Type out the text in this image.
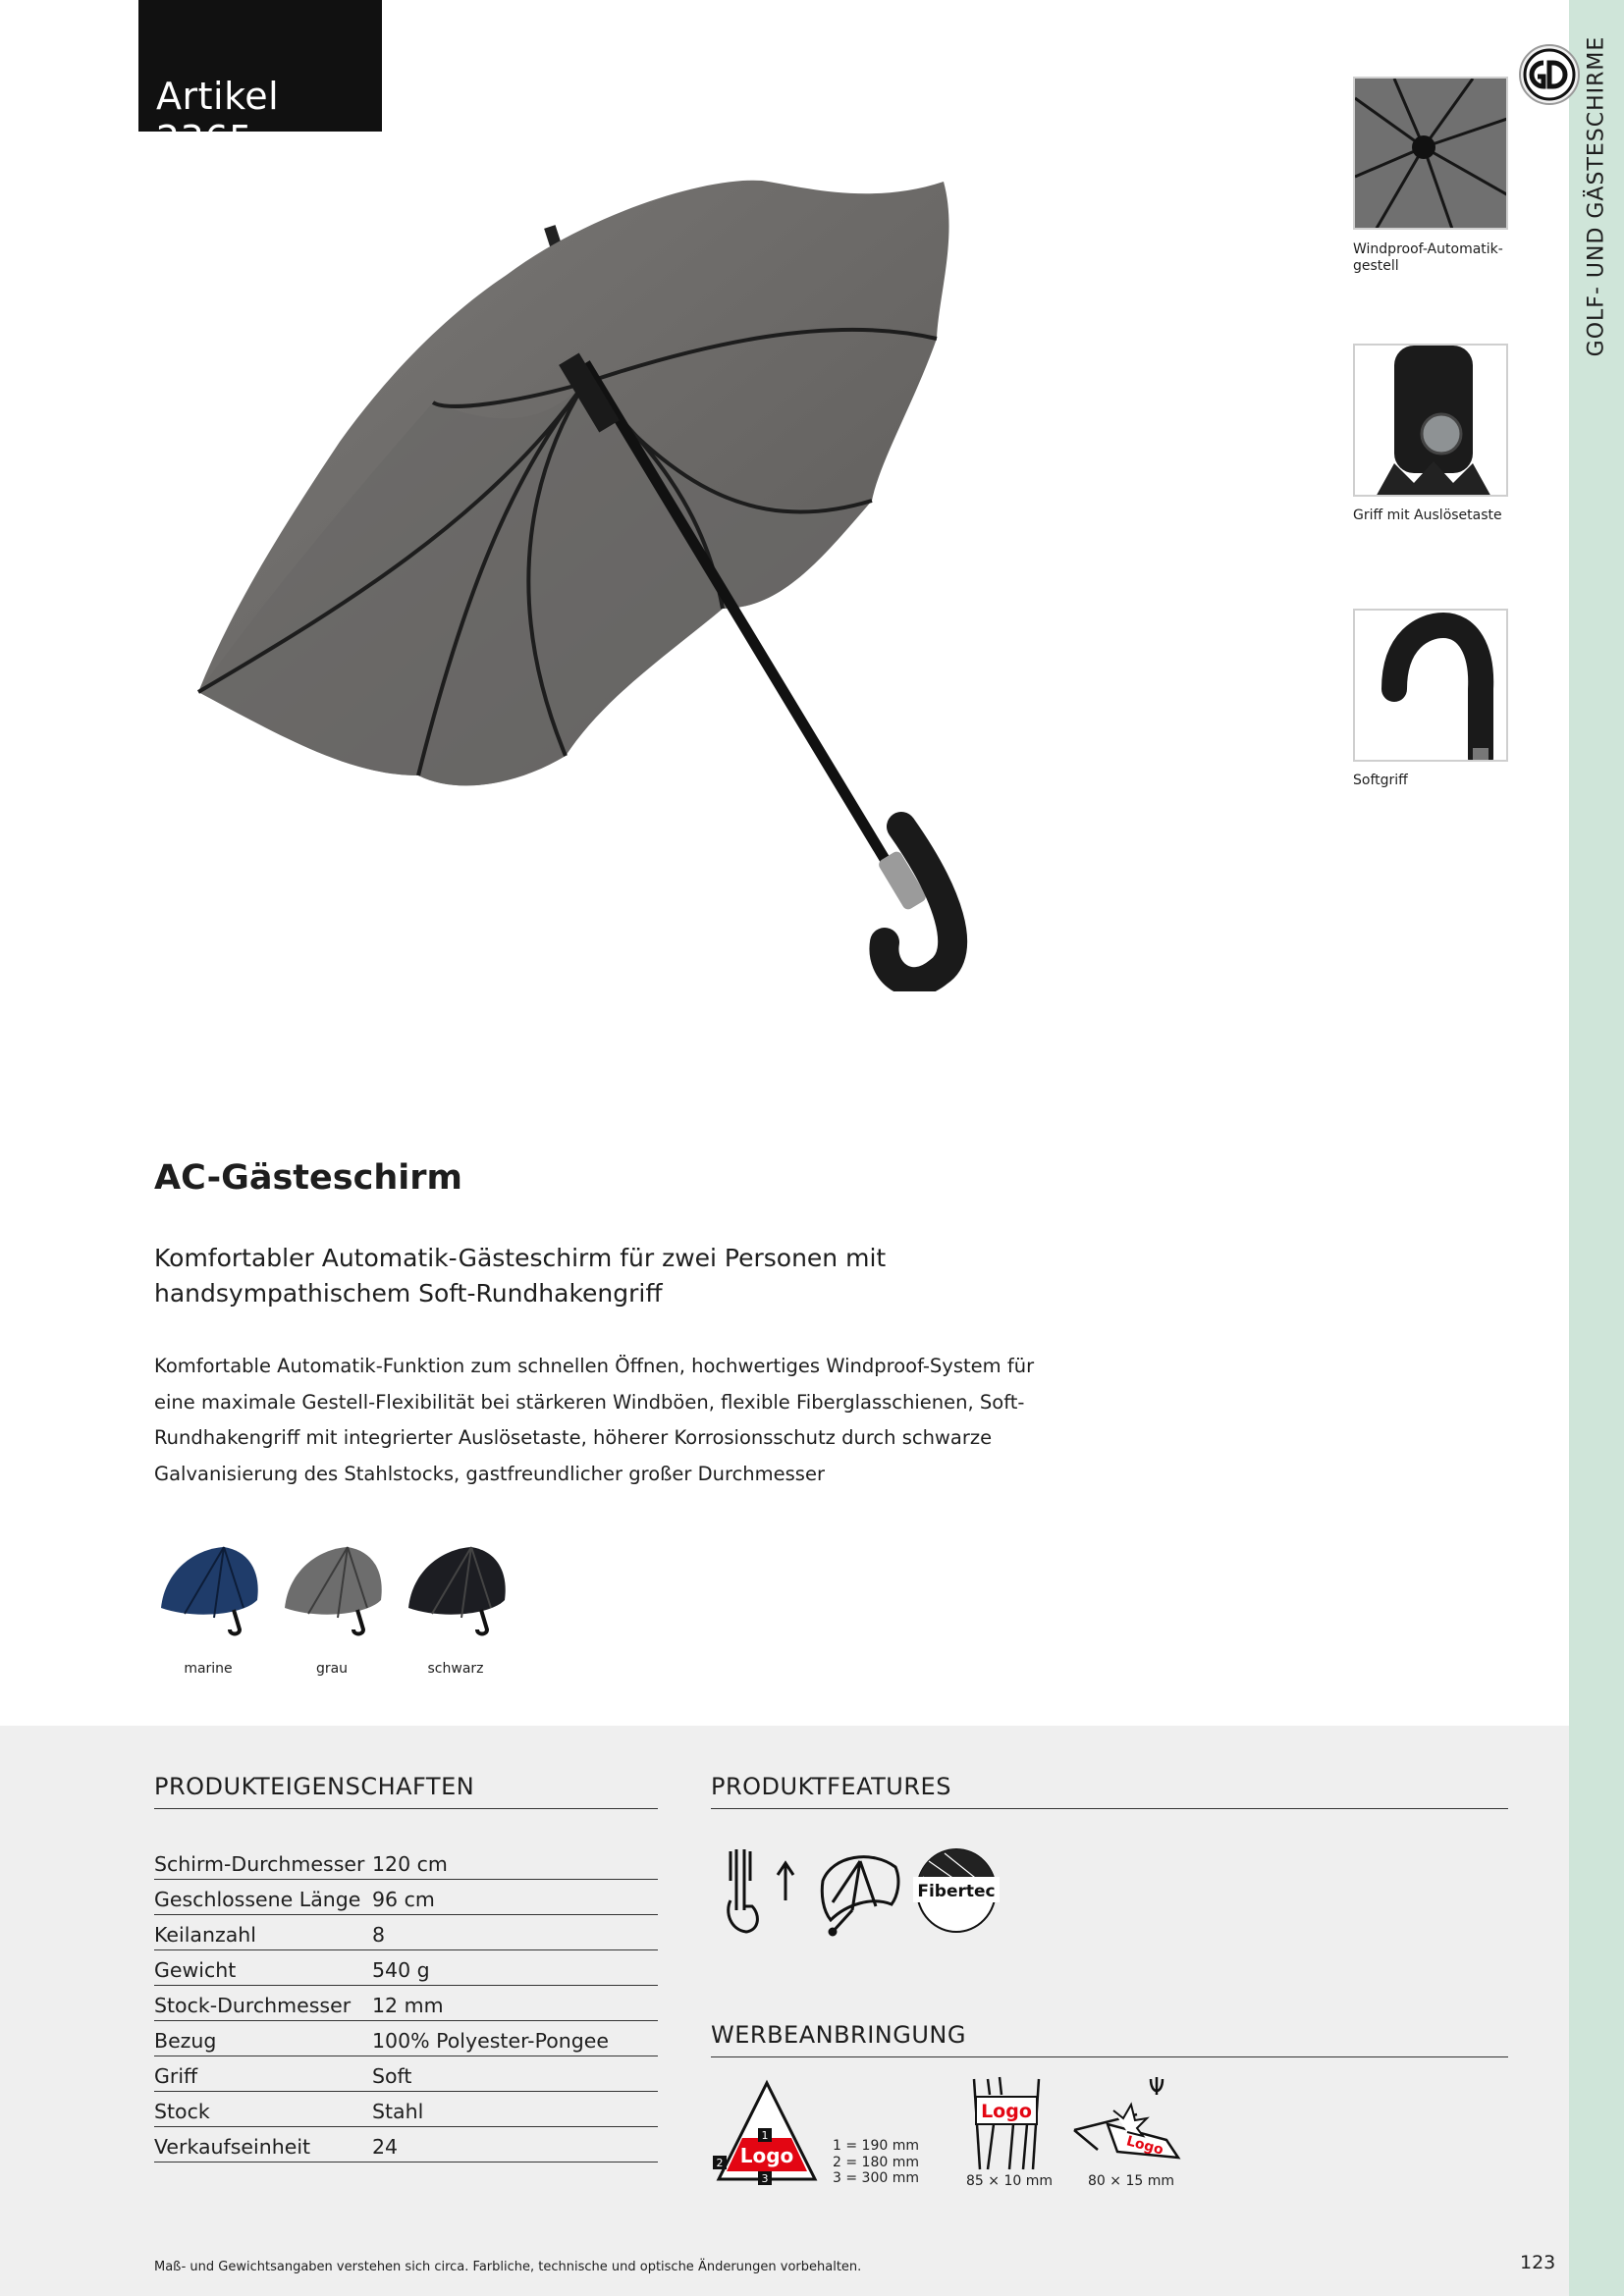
GOLF- UND GÄSTESCHIRME
Artikel 2365
Windproof-Automatik-
gestell
Griff mit Auslösetaste
Softgriff
AC-Gästeschirm
Komfortabler Automatik-Gästeschirm für zwei Personen mit handsympathischem Soft-Rundhakengriff
Komfortable Automatik-Funktion zum schnellen Öffnen, hochwertiges Windproof-System für eine maximale Gestell-Flexibilität bei stärkeren Windböen, flexible Fiberglasschienen, Soft-Rundhakengriff mit integrierter Auslösetaste, höherer Korrosionsschutz durch schwarze Galvanisierung des Stahlstocks, gastfreundlicher großer Durchmesser
marine	grau	schwarz
PRODUKTEIGENSCHAFTEN
Schirm-Durchmesser	120 cm
Geschlossene Länge	96 cm
Keilanzahl	8
Gewicht	540 g
Stock-Durchmesser	12 mm
Bezug	100% Polyester-Pongee
Griff	Soft
Stock	Stahl
Verkaufseinheit	24
PRODUKTFEATURES
Fibertec
WERBEANBRINGUNG
Logo
1
2
3
1 = 190 mm
2 = 180 mm
3 = 300 mm
Logo
85 × 10 mm
Logo
80 × 15 mm
Maß- und Gewichtsangaben verstehen sich circa. Farbliche, technische und optische Änderungen vorbehalten.	123
